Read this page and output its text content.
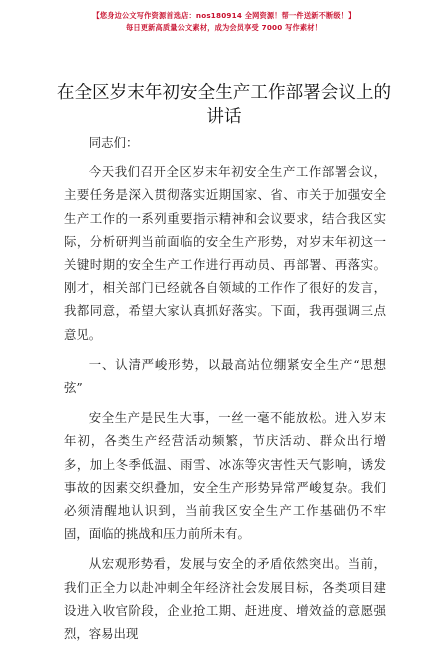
【您身边公文写作资源首选店：nos180914 全网资源！帮一件送新不断级！】
每日更新高质量公文素材，成为会员享受 7000 写作素材！
在全区岁末年初安全生产工作部署会议上的讲话

同志们：

今天我们召开全区岁末年初安全生产工作部署会议，主要任务是深入贯彻落实近期国家、省、市关于加强安全生产工作的一系列重要指示精神和会议要求，结合我区实际，分析研判当前面临的安全生产形势，对岁末年初这一关键时期的安全生产工作进行再动员、再部署、再落实。刚才，相关部门已经就各自领域的工作作了很好的发言，我都同意，希望大家认真抓好落实。下面，我再强调三点意见。

一、认清严峻形势，以最高站位绷紧安全生产“思想弦”

安全生产是民生大事，一丝一毫不能放松。进入岁末年初，各类生产经营活动频繁，节庆活动、群众出行增多，加上冬季低温、雨雪、冰冻等灾害性天气影响，诱发事故的因素交织叠加，安全生产形势异常严峻复杂。我们必须清醒地认识到，当前我区安全生产工作基础仍不牢固，面临的挑战和压力前所未有。

从宏观形势看，发展与安全的矛盾依然突出。当前，我们正全力以赴冲刺全年经济社会发展目标，各类项目建设进入收官阶段，企业抢工期、赶进度、增效益的意愿强烈，容易出现
